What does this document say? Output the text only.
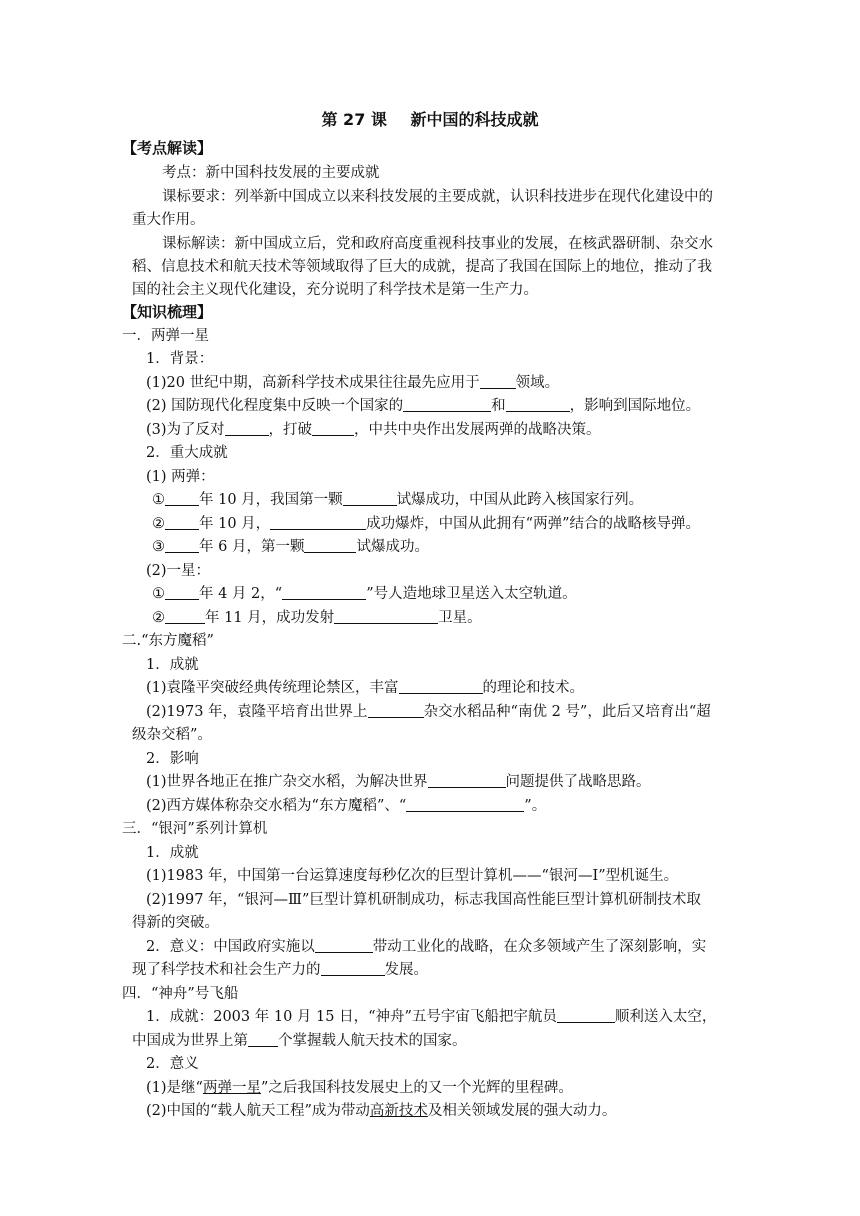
第 27 课 新中国的科技成就
【考点解读】
考点：新中国科技发展的主要成就
课标要求：列举新中国成立以来科技发展的主要成就，认识科技进步在现代化建设中的
重大作用。
课标解读：新中国成立后，党和政府高度重视科技事业的发展，在核武器研制、杂交水
稻、信息技术和航天技术等领域取得了巨大的成就，提高了我国在国际上的地位，推动了我
国的社会主义现代化建设，充分说明了科学技术是第一生产力。
【知识梳理】
一．两弹一星
1．背景：
(1)20 世纪中期，高新科学技术成果往往最先应用于 领域。
(2) 国防现代化程度集中反映一个国家的	和	，影响到国际地位。
(3)为了反对	，打破	，中共中央作出发展两弹的战略决策。
2．重大成就
(1) 两弹：
① 年 10 月，我国第一颗	试爆成功，中国从此跨入核国家行列。
② 年 10 月，	成功爆炸，中国从此拥有“两弹”结合的战略核导弹。
③ 年 6 月，第一颗	试爆成功。
(2)一星：
① 年 4 月 2，“	”号人造地球卫星送入太空轨道。
②	年 11 月，成功发射	卫星。
二.“东方魔稻”
1．成就
(1)袁隆平突破经典传统理论禁区，丰富	的理论和技术。
(2)1973 年，袁隆平培育出世界上	杂交水稻品种“南优 2 号”，此后又培育出“超
级杂交稻”。
2．影响
(1)世界各地正在推广杂交水稻，为解决世界	问题提供了战略思路。
(2)西方媒体称杂交水稻为“东方魔稻”、“	”。
三．“银河”系列计算机
1．成就
(1)1983 年，中国第一台运算速度每秒亿次的巨型计算机——“银河—Ⅰ”型机诞生。
(2)1997 年，“银河—Ⅲ”巨型计算机研制成功，标志我国高性能巨型计算机研制技术取
得新的突破。
2．意义：中国政府实施以	带动工业化的战略，在众多领域产生了深刻影响，实
现了科学技术和社会生产力的	发展。
四．“神舟”号飞船
1．成就：2003 年 10 月 15 日，“神舟”五号宇宙飞船把宇航员	顺利送入太空，
中国成为世界上第 个掌握载人航天技术的国家。
2．意义
(1)是继“两弹一星”之后我国科技发展史上的又一个光辉的里程碑。
(2)中国的“载人航天工程”成为带动高新技术及相关领域发展的强大动力。
